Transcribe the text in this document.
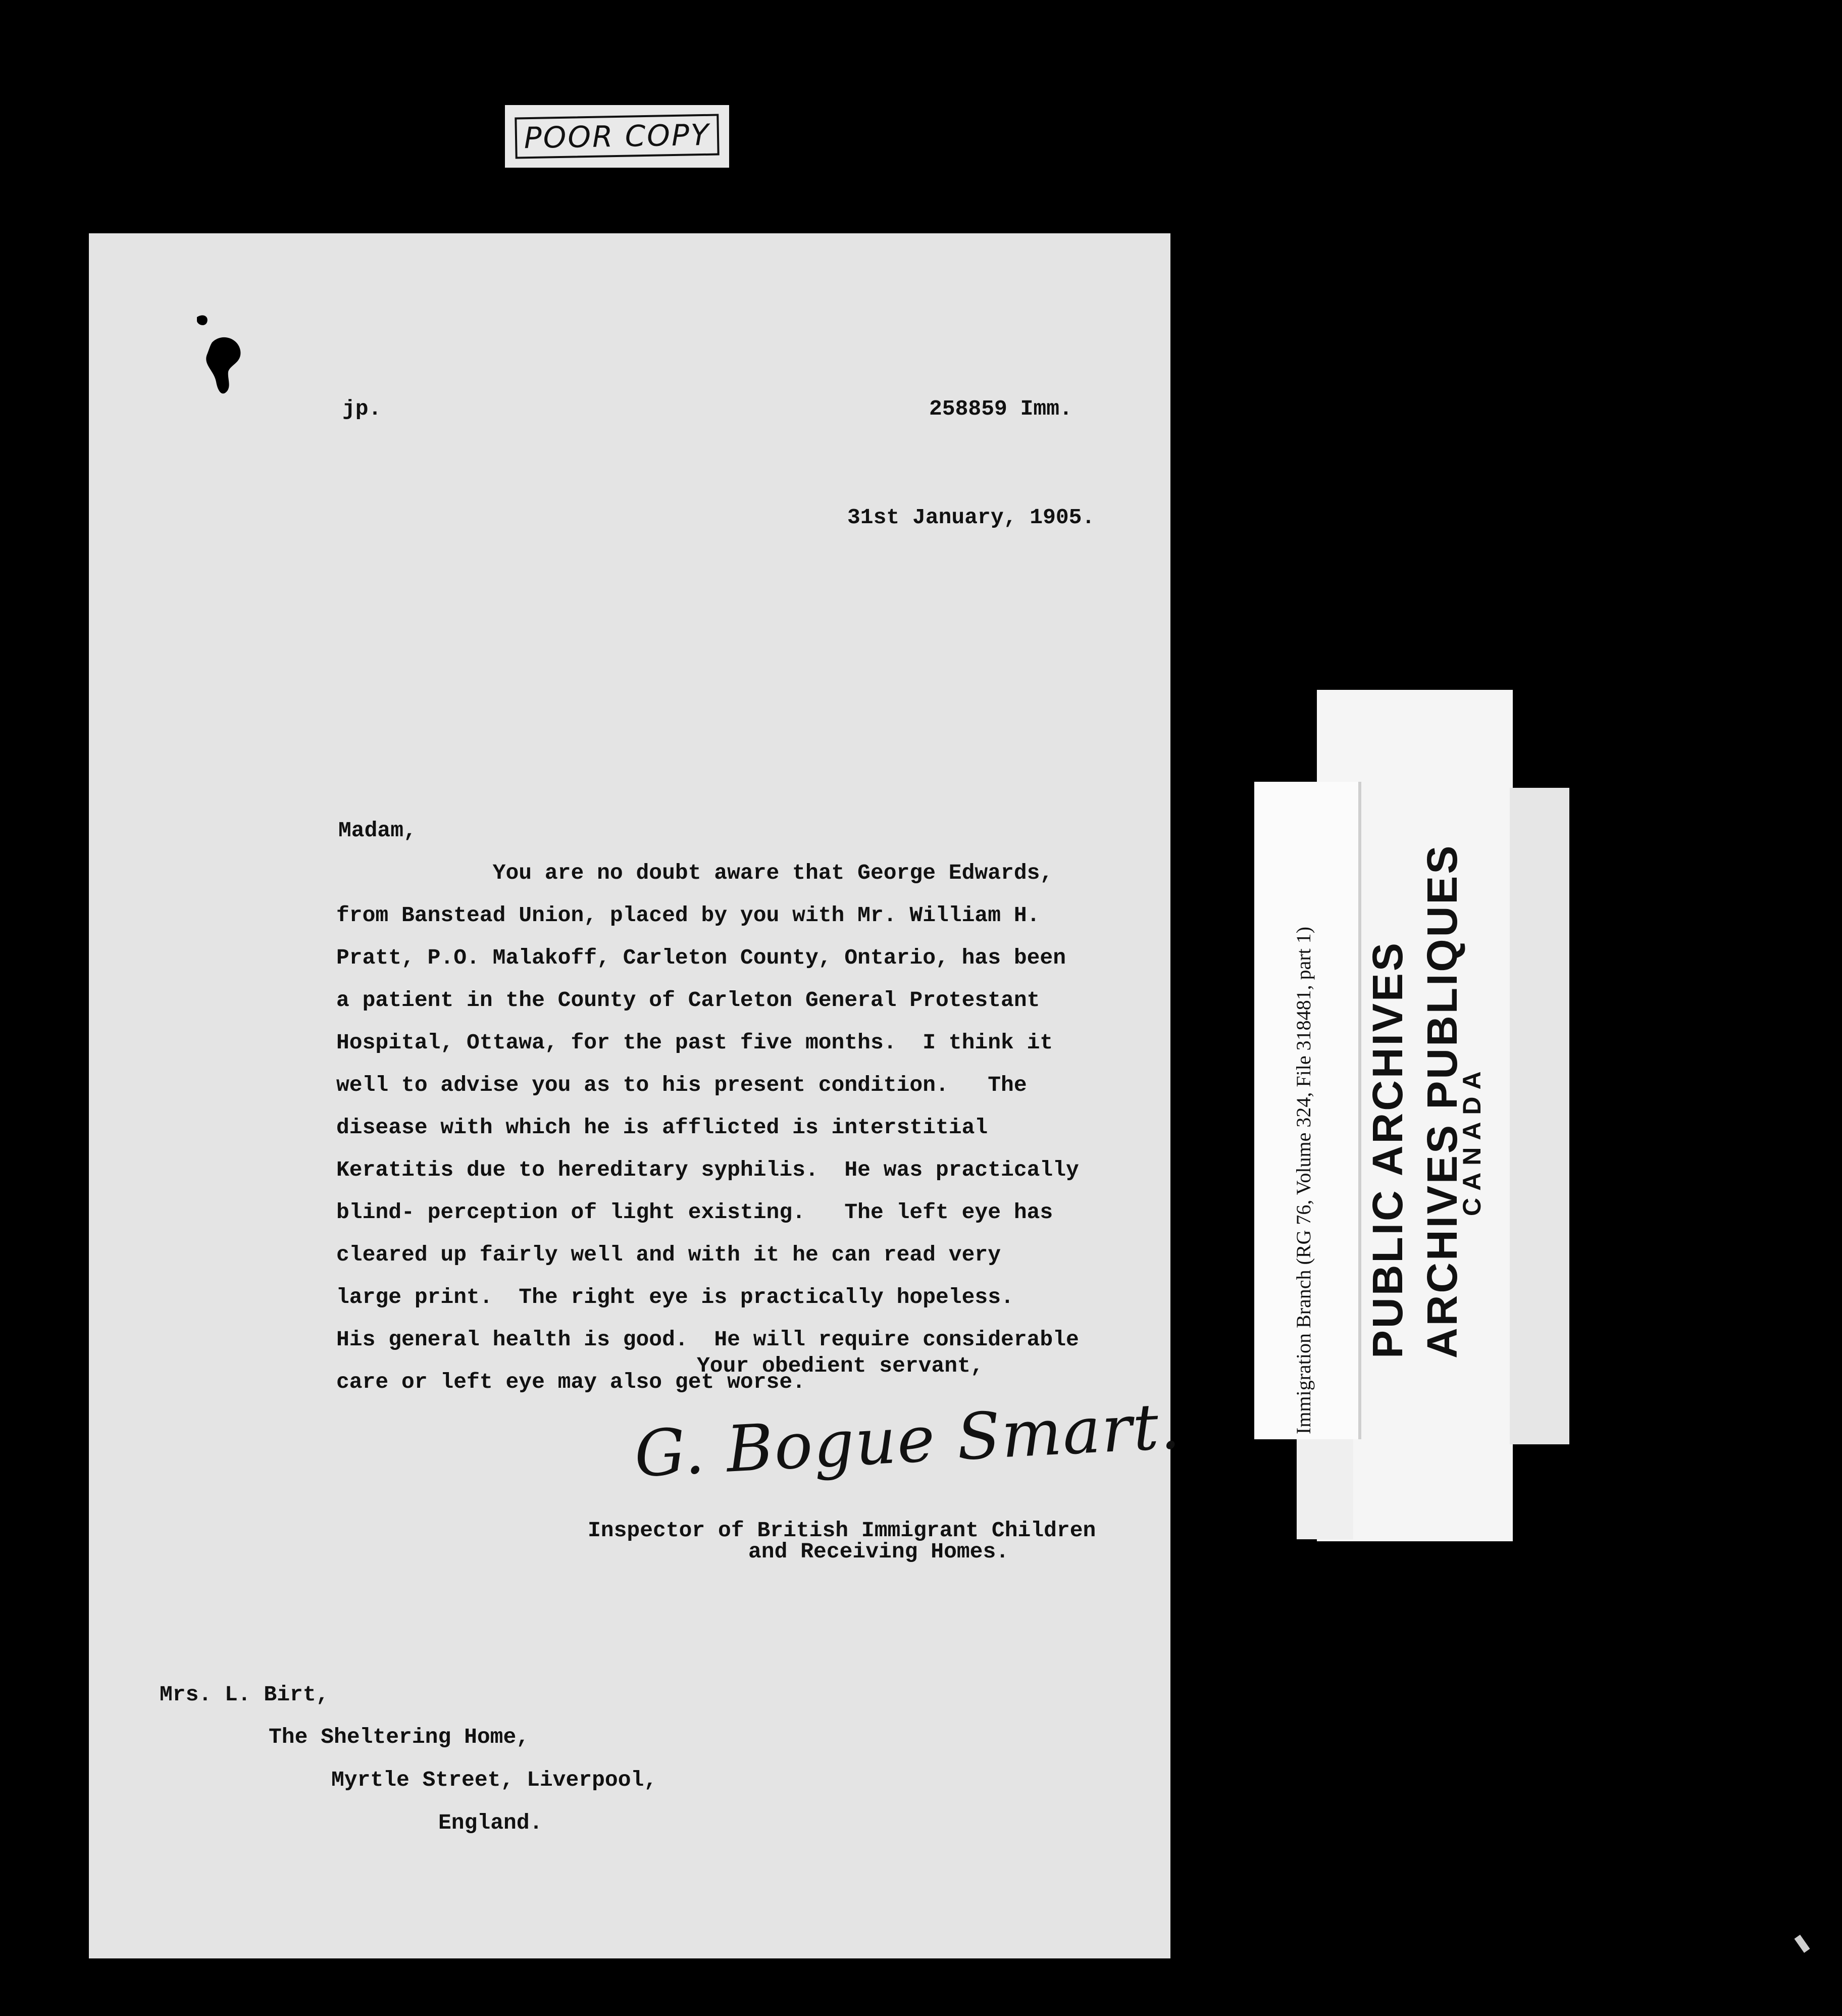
POOR COPY
jp.	258859 Imm.
31st January, 1905.
Madam,
You are no doubt aware that George Edwards,
from Banstead Union, placed by you with Mr. William H.
Pratt, P.O. Malakoff, Carleton County, Ontario, has been
a patient in the County of Carleton General Protestant
Hospital, Ottawa, for the past five months.  I think it
well to advise you as to his present condition.   The
disease with which he is afflicted is interstitial
Keratitis due to hereditary syphilis.  He was practically
blind- perception of light existing.   The left eye has
cleared up fairly well and with it he can read very
large print.  The right eye is practically hopeless.
His general health is good.  He will require considerable
care or left eye may also get worse.
Your obedient servant,
G. Bogue Smart.
Inspector of British Immigrant Children
and Receiving Homes.
Mrs. L. Birt,
The Sheltering Home,
Myrtle Street, Liverpool,
England.
Immigration Branch (RG 76, Volume 324, File 318481, part 1) PUBLIC ARCHIVES ARCHIVES PUBLIQUES
CANADA
